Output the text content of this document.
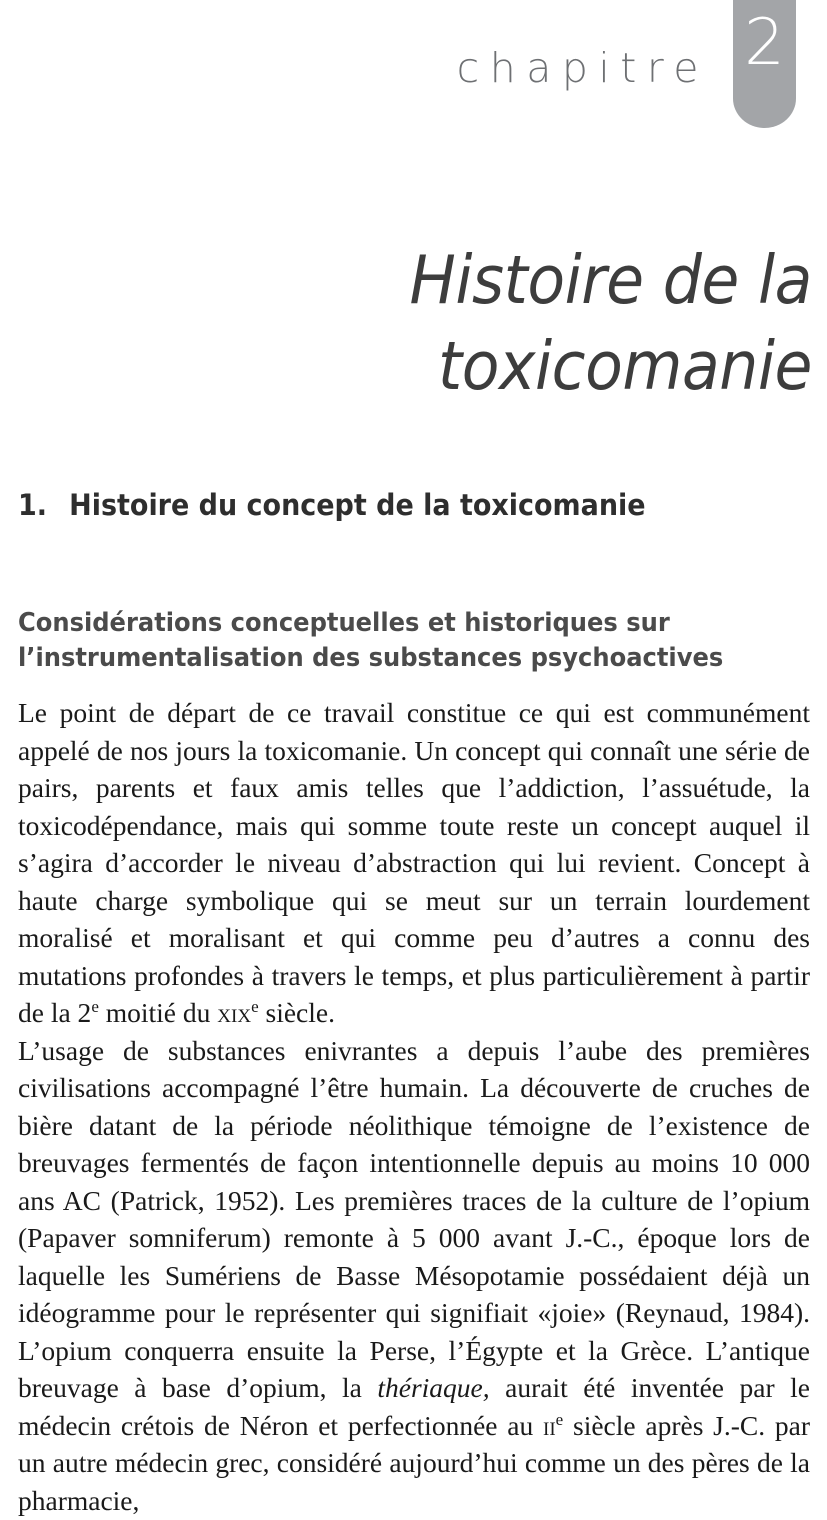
chapitre 2
Histoire de la toxicomanie
1. Histoire du concept de la toxicomanie
Considérations conceptuelles et historiques sur
l’instrumentalisation des substances psychoactives

Le point de départ de ce travail constitue ce qui est communément appelé de nos jours la toxicomanie. Un concept qui connaît une série de pairs, parents et faux amis telles que l’addiction, l’assuétude, la toxicodépendance, mais qui somme toute reste un concept auquel il s’agira d’accorder le niveau d’abstraction qui lui revient. Concept à haute charge symbolique qui se meut sur un terrain lourdement moralisé et moralisant et qui comme peu d’autres a connu des mutations profondes à travers le temps, et plus particulièrement à partir de la 2e moitié du xix$^e$ siècle.

L’usage de substances enivrantes a depuis l’aube des premières civilisations accompagné l’être humain. La découverte de cruches de bière datant de la période néolithique témoigne de l’existence de breuvages fermentés de façon intentionnelle depuis au moins 10 000 ans AC (Patrick, 1952). Les premières traces de la culture de l’opium (Papaver somniferum) remonte à 5 000 avant J.-C., époque lors de laquelle les Sumériens de Basse Mésopotamie possédaient déjà un idéogramme pour le représenter qui signifiait «joie» (Reynaud, 1984). L’opium conquerra ensuite la Perse, l’Égypte et la Grèce. L’antique breuvage à base d’opium, la thériaque, aurait été inventée par le médecin crétois de Néron et perfectionnée au $ii^e$ siècle après J.-C. par un autre médecin grec, considéré aujourd’hui comme un des pères de la pharmacie,
